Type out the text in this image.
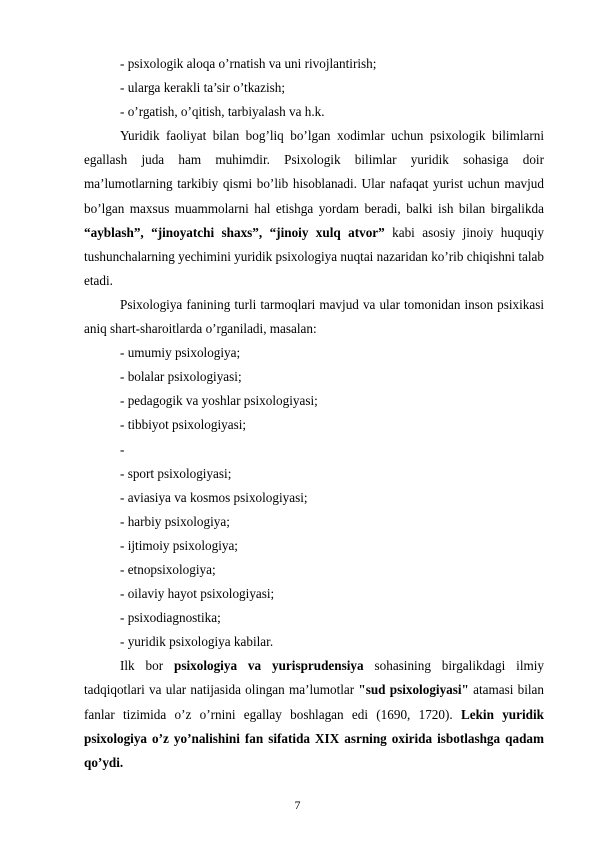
- psixologik aloqa o’rnatish va uni rivojlantirish;
- ularga kerakli ta’sir o’tkazish;
- o’rgatish, o’qitish, tarbiyalash va h.k.

Yuridik faoliyat bilan bog’liq bo’lgan xodimlar uchun psixologik bilimlarni egallash juda ham muhimdir. Psixologik bilimlar yuridik sohasiga doir ma’lumotlarning tarkibiy qismi bo’lib hisoblanadi. Ular nafaqat yurist uchun mavjud bo’lgan maxsus muammolarni hal etishga yordam beradi, balki ish bilan birgalikda “ayblash”, “jinoyatchi shaxs”, “jinoiy xulq atvor” kabi asosiy jinoiy huquqiy tushunchalarning yechimini yuridik psixologiya nuqtai nazaridan ko’rib chiqishni talab etadi.

Psixologiya fanining turli tarmoqlari mavjud va ular tomonidan inson psixikasi aniq shart-sharoitlarda o’rganiladi, masalan:

- umumiy psixologiya;
- bolalar psixologiyasi;
- pedagogik va yoshlar psixologiyasi;
- tibbiyot psixologiyasi;
-
- sport psixologiyasi;
- aviasiya va kosmos psixologiyasi;
- harbiy psixologiya;
- ijtimoiy psixologiya;
- etnopsixologiya;
- oilaviy hayot psixologiyasi;
- psixodiagnostika;
- yuridik psixologiya kabilar.

Ilk bor psixologiya va yurisprudensiya sohasining birgalikdagi ilmiy tadqiqotlari va ular natijasida olingan ma’lumotlar "sud psixologiyasi" atamasi bilan fanlar tizimida o’z o’rnini egallay boshlagan edi (1690, 1720). Lekin yuridik psixologiya o’z yo’nalishini fan sifatida XIX asrning oxirida isbotlashga qadam qo’ydi.

7
